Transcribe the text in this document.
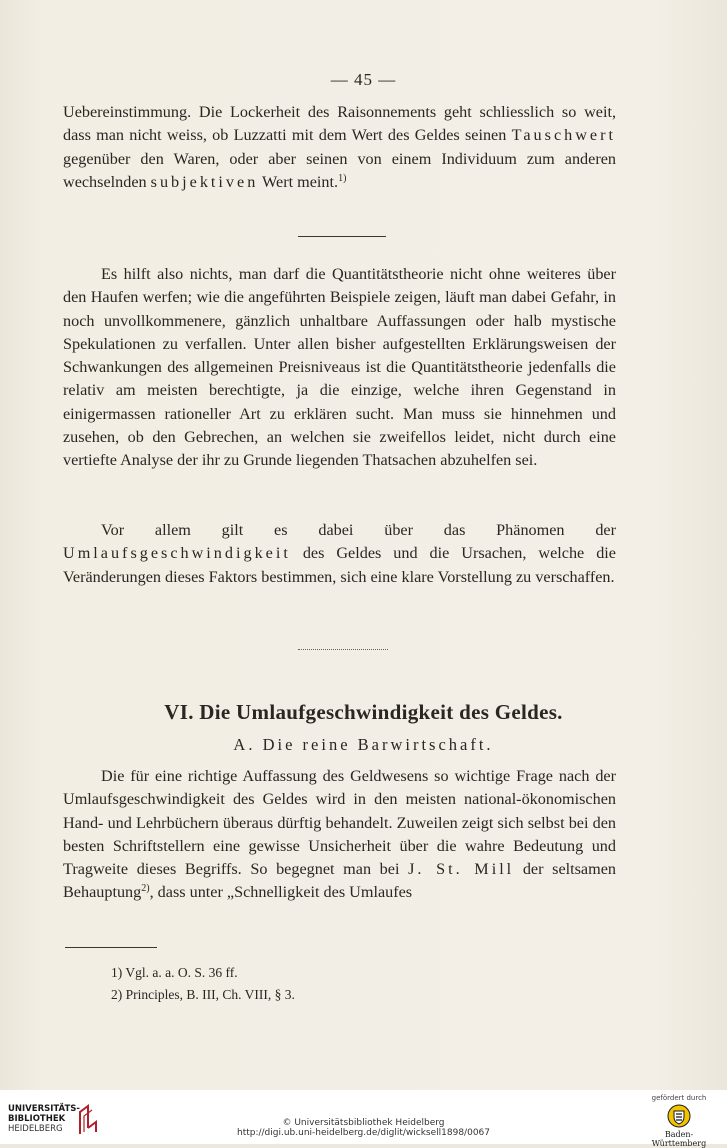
— 45 —

Uebereinstimmung. Die Lockerheit des Raisonnements geht schliesslich so weit, dass man nicht weiss, ob Luzzatti mit dem Wert des Geldes seinen Tauschwert gegenüber den Waren, oder aber seinen von einem Individuum zum anderen wechselnden subjektiven Wert meint.$^{1)}$

Es hilft also nichts, man darf die Quantitätstheorie nicht ohne weiteres über den Haufen werfen; wie die angeführten Beispiele zeigen, läuft man dabei Gefahr, in noch unvollkommenere, gänzlich unhaltbare Auffassungen oder halb mystische Spekulationen zu verfallen. Unter allen bisher aufgestellten Erklärungsweisen der Schwankungen des allgemeinen Preisniveaus ist die Quantitätstheorie jedenfalls die relativ am meisten berechtigte, ja die einzige, welche ihren Gegenstand in einigermassen rationeller Art zu erklären sucht. Man muss sie hinnehmen und zusehen, ob den Gebrechen, an welchen sie zweifellos leidet, nicht durch eine vertiefte Analyse der ihr zu Grunde liegenden Thatsachen abzuhelfen sei.

Vor allem gilt es dabei über das Phänomen der Umlaufsgeschwindigkeit des Geldes und die Ursachen, welche die Veränderungen dieses Faktors bestimmen, sich eine klare Vorstellung zu verschaffen.

VI. Die Umlaufgeschwindigkeit des Geldes.
A. Die reine Barwirtschaft.

Die für eine richtige Auffassung des Geldwesens so wichtige Frage nach der Umlaufsgeschwindigkeit des Geldes wird in den meisten national-ökonomischen Hand- und Lehrbüchern überaus dürftig behandelt. Zuweilen zeigt sich selbst bei den besten Schriftstellern eine gewisse Unsicherheit über die wahre Bedeutung und Tragweite dieses Begriffs. So begegnet man bei J. St. Mill der seltsamen Behauptung$^{2)}$, dass unter „Schnelligkeit des Umlaufes

1) Vgl. a. a. O. S. 36 ff.
2) Principles, B. III, Ch. VIII, § 3.
UNIVERSITÄTS-
BIBLIOTHEK
HEIDELBERG
© Universitätsbibliothek Heidelberg
http://digi.ub.uni-heidelberg.de/diglit/wicksell1898/0067
gefördert durch
Baden-Württemberg
